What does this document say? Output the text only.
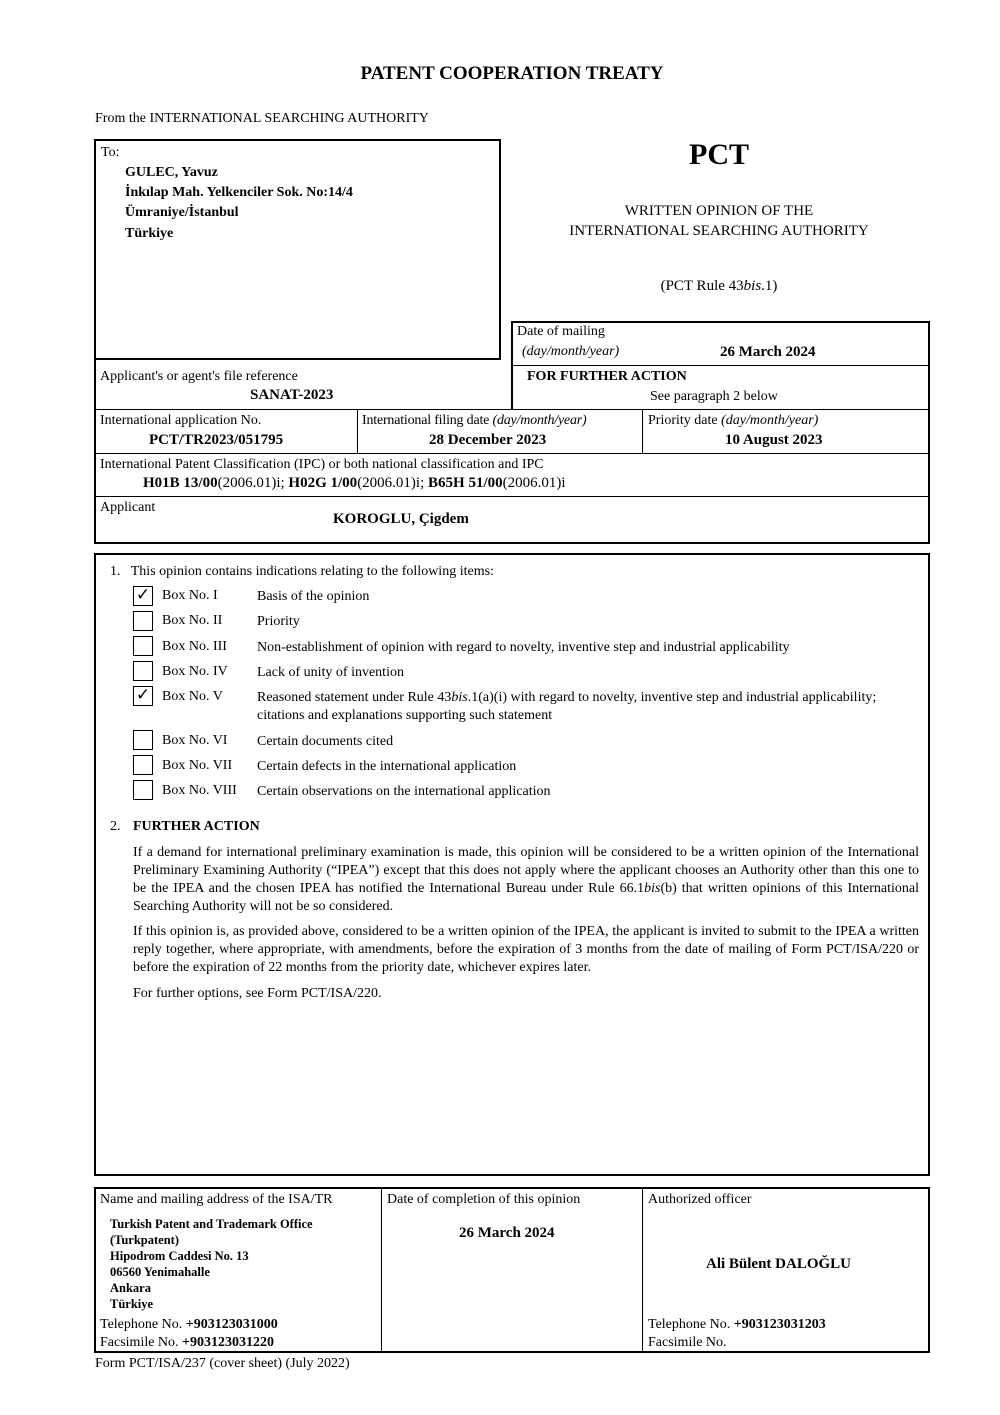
PATENT COOPERATION TREATY
From the INTERNATIONAL SEARCHING AUTHORITY
To:
GULEC, Yavuz
İnkılap Mah. Yelkenciler Sok. No:14/4
Ümraniye/İstanbul
Türkiye
PCT
WRITTEN OPINION OF THE
INTERNATIONAL SEARCHING AUTHORITY
(PCT Rule 43bis.1)
Date of mailing
(day/month/year)	26 March 2024
Applicant's or agent's file reference
SANAT-2023
FOR FURTHER ACTION
See paragraph 2 below
International application No.
PCT/TR2023/051795
International filing date (day/month/year)
28 December 2023
Priority date (day/month/year)
10 August 2023
International Patent Classification (IPC) or both national classification and IPC
H01B 13/00(2006.01)i; H02G 1/00(2006.01)i; B65H 51/00(2006.01)i
Applicant
KOROGLU, Çigdem
1.   This opinion contains indications relating to the following items:
✓ Box No. I	Basis of the opinion
Box No. II Priority
Box No. III Non-establishment of opinion with regard to novelty, inventive step and industrial applicability
Box No. IV Lack of unity of invention
✓ Box No. V Reasoned statement under Rule 43bis.1(a)(i) with regard to novelty, inventive step and industrial applicability; citations and explanations supporting such statement
Box No. VI Certain documents cited
Box No. VII Certain defects in the international application
Box No. VIII Certain observations on the international application
2. FURTHER ACTION
If a demand for international preliminary examination is made, this opinion will be considered to be a written opinion of the International Preliminary Examining Authority (“IPEA”) except that this does not apply where the applicant chooses an Authority other than this one to be the IPEA and the chosen IPEA has notified the International Bureau under Rule 66.1bis(b) that written opinions of this International Searching Authority will not be so considered.
If this opinion is, as provided above, considered to be a written opinion of the IPEA, the applicant is invited to submit to the IPEA a written reply together, where appropriate, with amendments, before the expiration of 3 months from the date of mailing of Form PCT/ISA/220 or before the expiration of 22 months from the priority date, whichever expires later.
For further options, see Form PCT/ISA/220.
Name and mailing address of the ISA/TR
Turkish Patent and Trademark Office
(Turkpatent)
Hipodrom Caddesi No. 13
06560 Yenimahalle
Ankara
Türkiye
Telephone No. +903123031000
Facsimile No. +903123031220
Date of completion of this opinion
26 March 2024
Authorized officer
Ali Bülent DALOĞLU
Telephone No. +903123031203
Facsimile No.
Form PCT/ISA/237 (cover sheet) (July 2022)
